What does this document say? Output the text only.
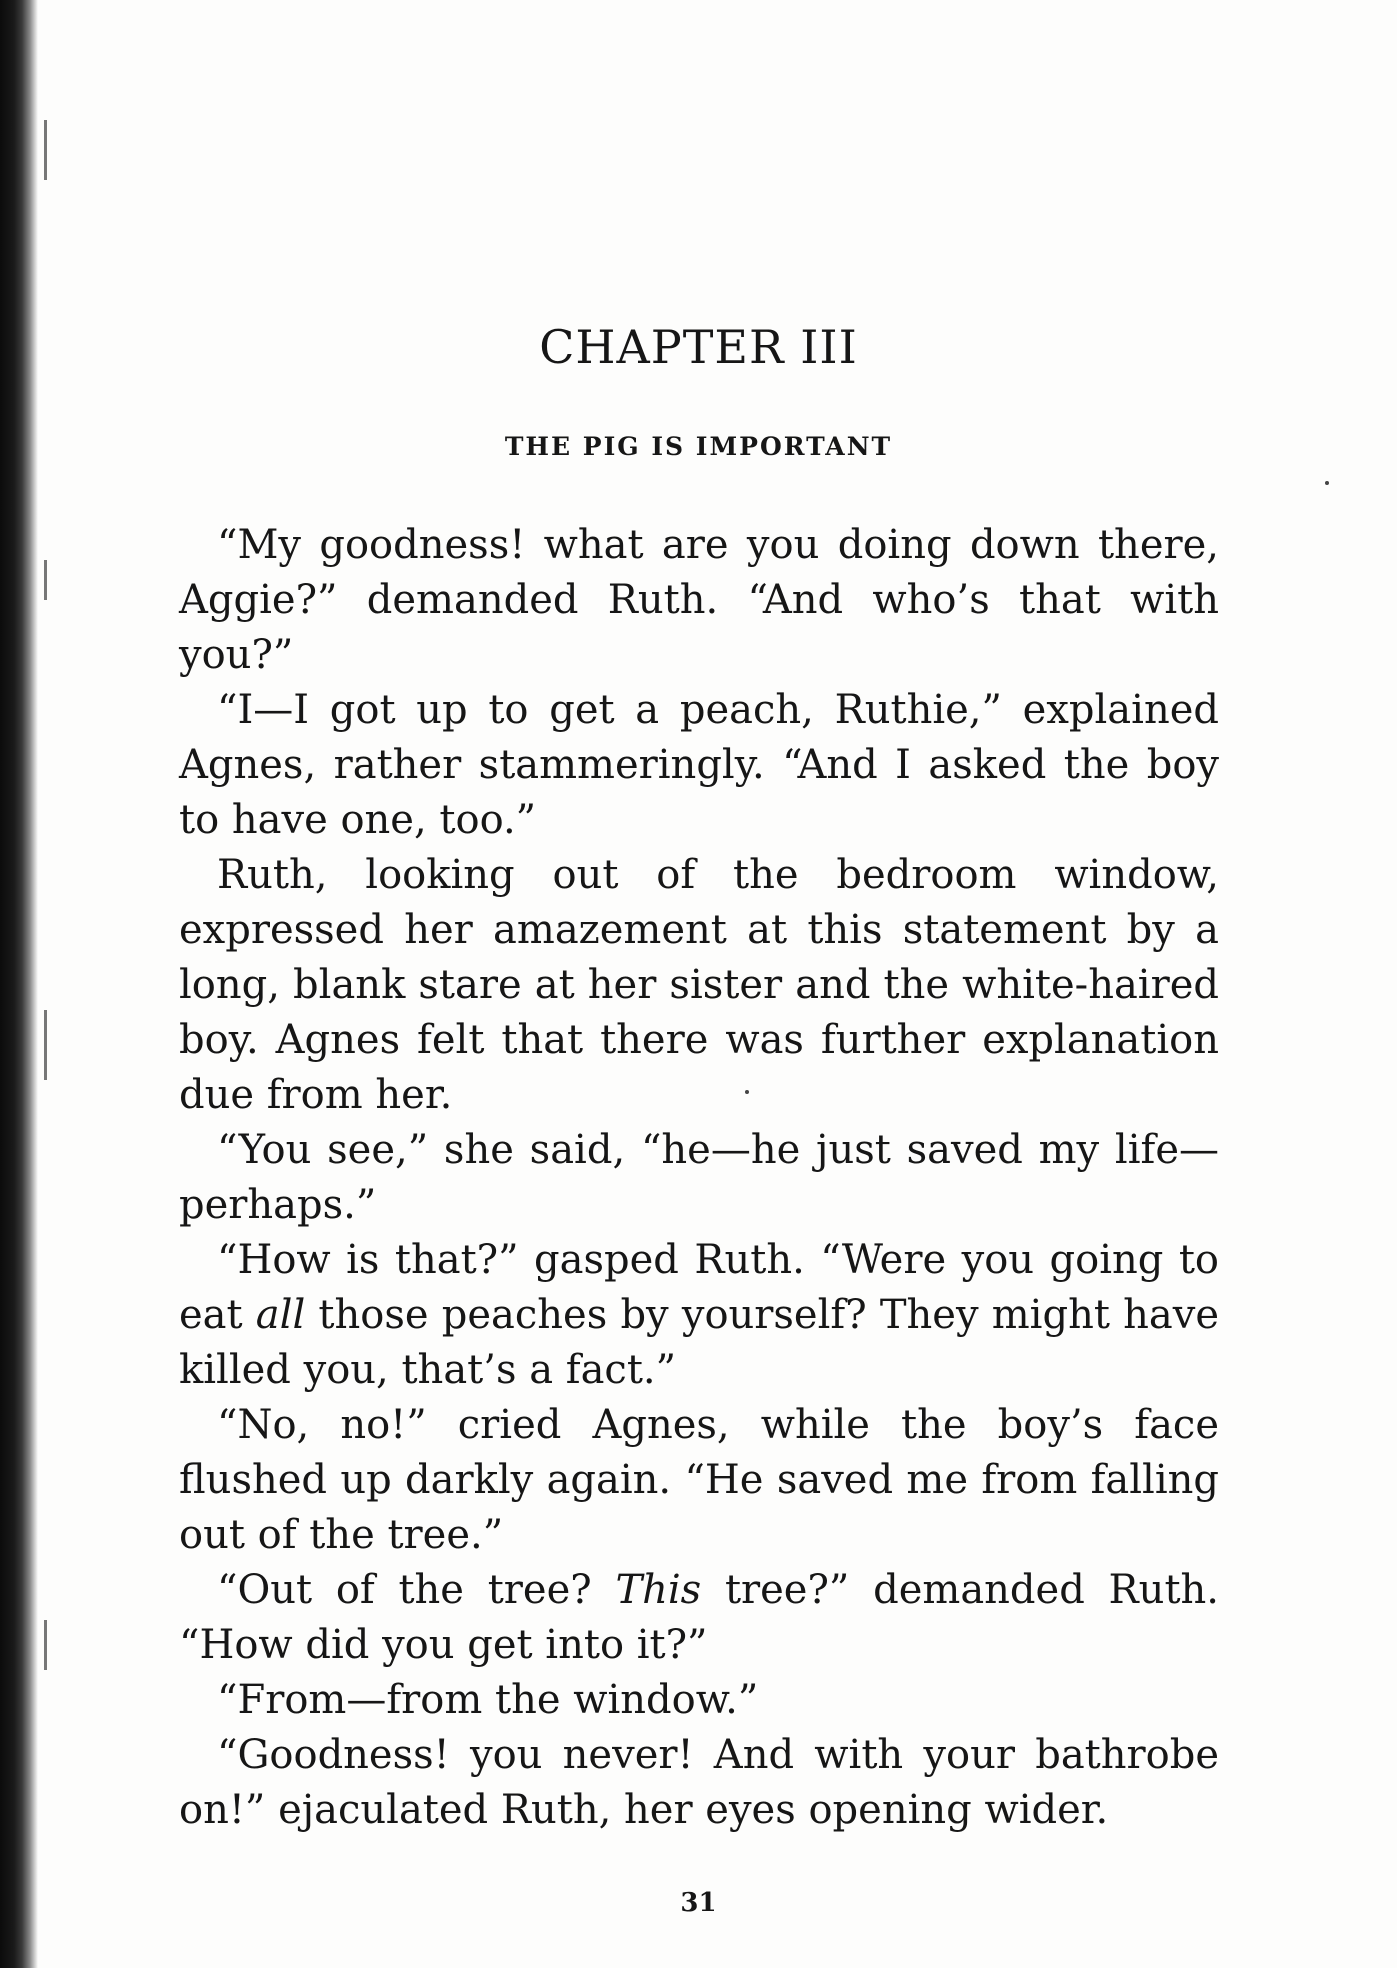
CHAPTER III
THE PIG IS IMPORTANT

“My goodness! what are you doing down there, Aggie?” demanded Ruth. “And who’s that with you?”

“I—I got up to get a peach, Ruthie,” explained Agnes, rather stammeringly. “And I asked the boy to have one, too.”

Ruth, looking out of the bedroom window, expressed her amazement at this statement by a long, blank stare at her sister and the white-haired boy. Agnes felt that there was further explanation due from her.

“You see,” she said, “he—he just saved my life—perhaps.”

“How is that?” gasped Ruth. “Were you going to eat all those peaches by yourself? They might have killed you, that’s a fact.”

“No, no!” cried Agnes, while the boy’s face flushed up darkly again. “He saved me from falling out of the tree.”

“Out of the tree? This tree?” demanded Ruth. “How did you get into it?”

“From—from the window.”

“Goodness! you never! And with your bathrobe on!” ejaculated Ruth, her eyes opening wider.

31
